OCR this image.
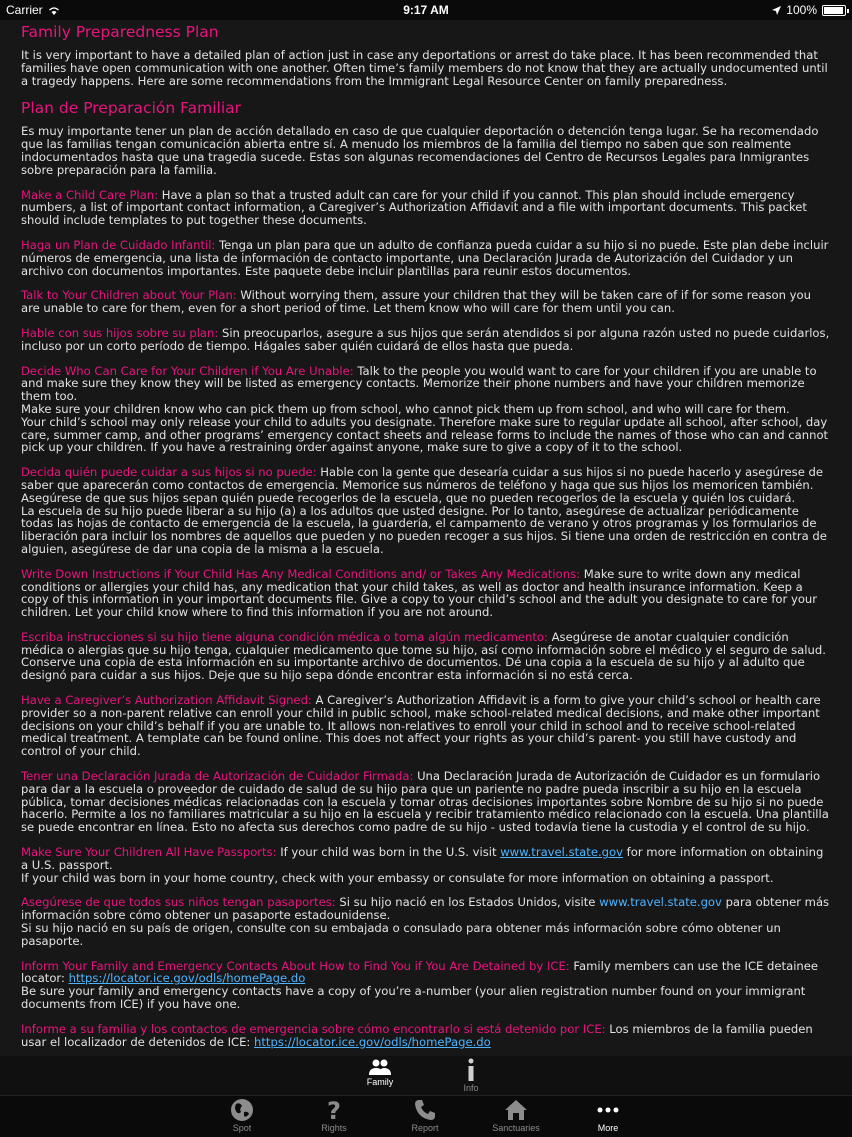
Carrier	9:17 AM	100%
Family Preparedness Plan

It is very important to have a detailed plan of action just in case any deportations or arrest do take place. It has been recommended that families have open communication with one another. Often time’s family members do not know that they are actually undocumented until a tragedy happens. Here are some recommendations from the Immigrant Legal Resource Center on family preparedness.

Plan de Preparación Familiar

Es muy importante tener un plan de acción detallado en caso de que cualquier deportación o detención tenga lugar. Se ha recomendado que las familias tengan comunicación abierta entre sí. A menudo los miembros de la familia del tiempo no saben que son realmente indocumentados hasta que una tragedia sucede. Estas son algunas recomendaciones del Centro de Recursos Legales para Inmigrantes sobre preparación para la familia.

Make a Child Care Plan: Have a plan so that a trusted adult can care for your child if you cannot. This plan should include emergency numbers, a list of important contact information, a Caregiver’s Authorization Affidavit and a file with important documents. This packet should include templates to put together these documents.

Haga un Plan de Cuidado Infantil: Tenga un plan para que un adulto de confianza pueda cuidar a su hijo si no puede. Este plan debe incluir números de emergencia, una lista de información de contacto importante, una Declaración Jurada de Autorización del Cuidador y un archivo con documentos importantes. Este paquete debe incluir plantillas para reunir estos documentos.

Talk to Your Children about Your Plan: Without worrying them, assure your children that they will be taken care of if for some reason you are unable to care for them, even for a short period of time. Let them know who will care for them until you can.

Hable con sus hijos sobre su plan: Sin preocuparlos, asegure a sus hijos que serán atendidos si por alguna razón usted no puede cuidarlos, incluso por un corto período de tiempo. Hágales saber quién cuidará de ellos hasta que pueda.

Decide Who Can Care for Your Children if You Are Unable: Talk to the people you would want to care for your children if you are unable to and make sure they know they will be listed as emergency contacts. Memorize their phone numbers and have your children memorize them too.
Make sure your children know who can pick them up from school, who cannot pick them up from school, and who will care for them.
Your child’s school may only release your child to adults you designate. Therefore make sure to regular update all school, after school, day care, summer camp, and other programs’ emergency contact sheets and release forms to include the names of those who can and cannot pick up your children. If you have a restraining order against anyone, make sure to give a copy of it to the school.

Decida quién puede cuidar a sus hijos si no puede: Hable con la gente que desearía cuidar a sus hijos si no puede hacerlo y asegúrese de saber que aparecerán como contactos de emergencia. Memorice sus números de teléfono y haga que sus hijos los memoricen también.
Asegúrese de que sus hijos sepan quién puede recogerlos de la escuela, que no pueden recogerlos de la escuela y quién los cuidará.
La escuela de su hijo puede liberar a su hijo (a) a los adultos que usted designe. Por lo tanto, asegúrese de actualizar periódicamente todas las hojas de contacto de emergencia de la escuela, la guardería, el campamento de verano y otros programas y los formularios de liberación para incluir los nombres de aquellos que pueden y no pueden recoger a sus hijos. Si tiene una orden de restricción en contra de alguien, asegúrese de dar una copia de la misma a la escuela.

Write Down Instructions if Your Child Has Any Medical Conditions and/ or Takes Any Medications: Make sure to write down any medical conditions or allergies your child has, any medication that your child takes, as well as doctor and health insurance information. Keep a copy of this information in your important documents file. Give a copy to your child’s school and the adult you designate to care for your children. Let your child know where to find this information if you are not around.

Escriba instrucciones si su hijo tiene alguna condición médica o toma algún medicamento: Asegúrese de anotar cualquier condición médica o alergias que su hijo tenga, cualquier medicamento que tome su hijo, así como información sobre el médico y el seguro de salud. Conserve una copia de esta información en su importante archivo de documentos. Dé una copia a la escuela de su hijo y al adulto que designó para cuidar a sus hijos. Deje que su hijo sepa dónde encontrar esta información si no está cerca.

Have a Caregiver’s Authorization Affidavit Signed: A Caregiver’s Authorization Affidavit is a form to give your child’s school or health care provider so a non-parent relative can enroll your child in public school, make school-related medical decisions, and make other important decisions on your child’s behalf if you are unable to. It allows non-relatives to enroll your child in school and to receive school-related medical treatment. A template can be found online. This does not affect your rights as your child’s parent- you still have custody and control of your child.

Tener una Declaración Jurada de Autorización de Cuidador Firmada: Una Declaración Jurada de Autorización de Cuidador es un formulario para dar a la escuela o proveedor de cuidado de salud de su hijo para que un pariente no padre pueda inscribir a su hijo en la escuela pública, tomar decisiones médicas relacionadas con la escuela y tomar otras decisiones importantes sobre Nombre de su hijo si no puede hacerlo. Permite a los no familiares matricular a su hijo en la escuela y recibir tratamiento médico relacionado con la escuela. Una plantilla se puede encontrar en línea. Esto no afecta sus derechos como padre de su hijo - usted todavía tiene la custodia y el control de su hijo.

Make Sure Your Children All Have Passports: If your child was born in the U.S. visit www.travel.state.gov for more information on obtaining a U.S. passport.
If your child was born in your home country, check with your embassy or consulate for more information on obtaining a passport.

Asegúrese de que todos sus niños tengan pasaportes: Si su hijo nació en los Estados Unidos, visite www.travel.state.gov para obtener más información sobre cómo obtener un pasaporte estadounidense.
Si su hijo nació en su país de origen, consulte con su embajada o consulado para obtener más información sobre cómo obtener un pasaporte.

Inform Your Family and Emergency Contacts About How to Find You if You Are Detained by ICE: Family members can use the ICE detainee locator: https://locator.ice.gov/odls/homePage.do
Be sure your family and emergency contacts have a copy of you’re a-number (your alien registration number found on your immigrant documents from ICE) if you have one.

Informe a su familia y los contactos de emergencia sobre cómo encontrarlo si está detenido por ICE: Los miembros de la familia pueden usar el localizador de detenidos de ICE: https://locator.ice.gov/odls/homePage.do

Family
Info
Spot
?
Rights	Report	Sanctuaries	More
